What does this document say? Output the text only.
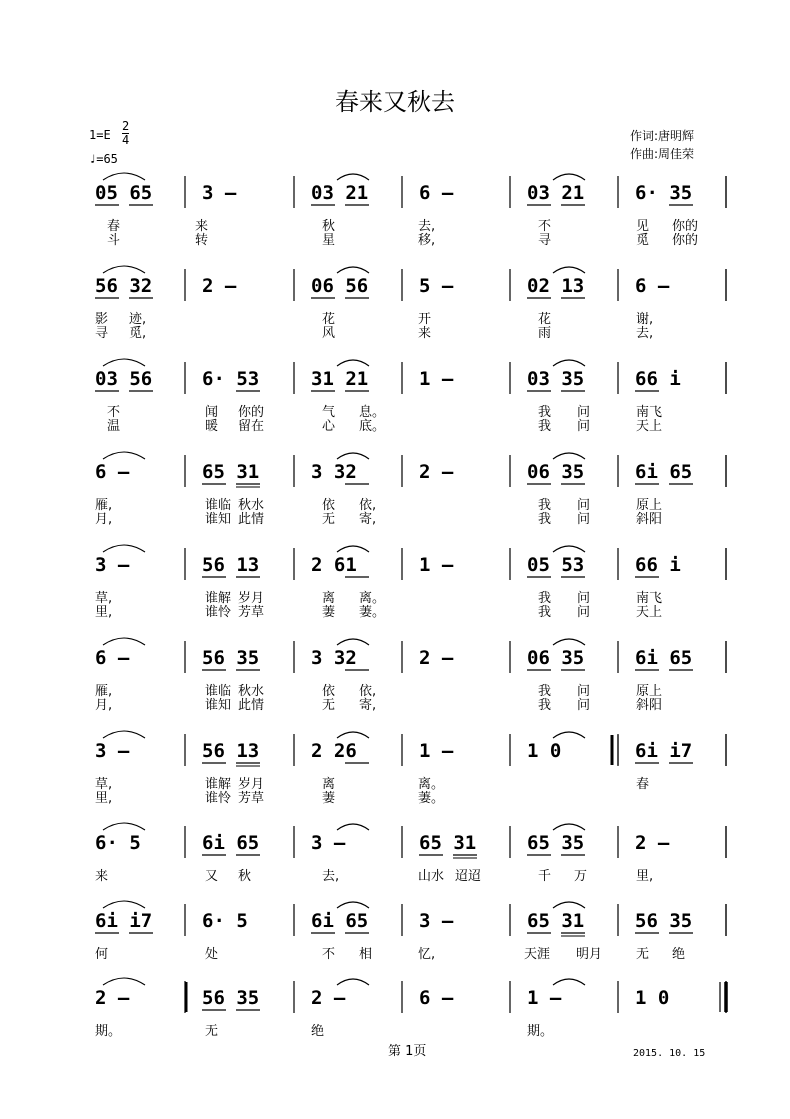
春来又秋去
1=E
2
4
♩=65
作词:唐明辉
作曲:周佳荣
05 65	3 –	03 21	6 –	03 21	6· 35
春	来	秋	去,	不	见 你的
斗	转	星	移,	寻	觅 你的
56 32	2 –	06 56	5 –	02 13	6 –
影 迹,	花	开	花	谢,
寻 觅,	风	来	雨	去,
03 56	6· 53	31 21	1 –	03 35	66 i
不	闻 你的	气 息。	我 问	南飞
温	暖 留在	心 底。	我 问	天上
6 –	65 31	3 32	2 –	06 35	6i 65
雁,	谁临 秋水	依 依,	我 问	原上
月,	谁知 此情	无 寄,	我 问	斜阳
3 –	56 13	2 61	1 –	05 53	66 i
草,	谁解 岁月	离 离。	我 问	南飞
里,	谁怜 芳草	萋 萋。	我 问	天上
6 –	56 35	3 32	2 –	06 35	6i 65
雁,	谁临 秋水	依 依,	我 问	原上
月,	谁知 此情	无 寄,	我 问	斜阳
3 –	56 13	2 26	1 –	1 0	6i i7
草,	谁解 岁月	离	离。	春
里,	谁怜 芳草	萋	萋。
6· 5	6i 65	3 –	65 31	65 35	2 –
来	又 秋	去,	山水 迢迢	千 万	里,
6i i7	6· 5	6i 65	3 –	65 31	56 35
何	处	不 相	忆,	天涯 明月	无 绝
2 –	56 35	2 –	6 –	1 –	1 0
期。	无	绝	期。
第 1页	2015. 10. 15
